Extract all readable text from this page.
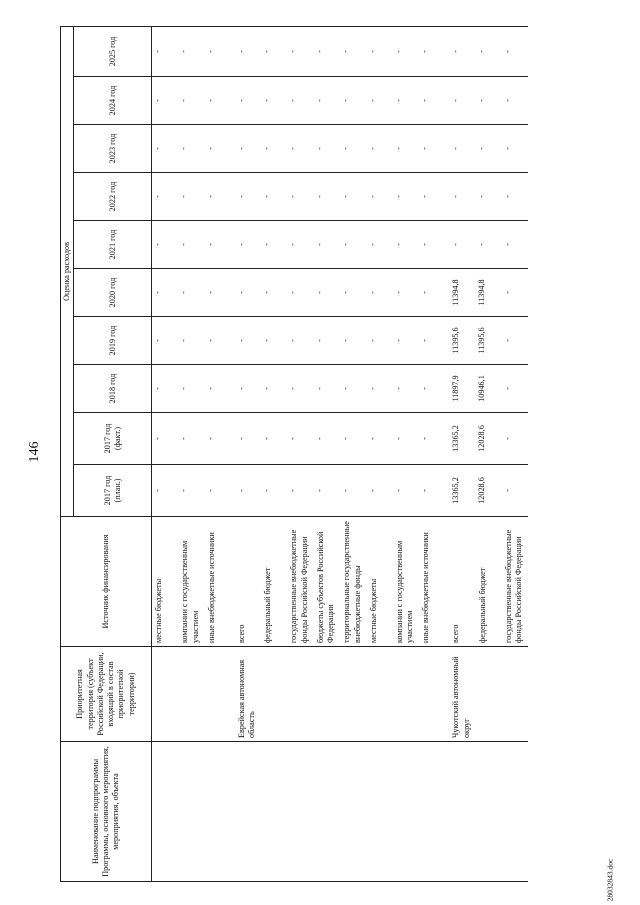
146
28032843.doc
Наименование подпрограммы Программы, основного мероприятия, мероприятия, объекта	Приоритетная территория (субъект Российской Федерации, входящий в состав приоритетной территории)	Источник финансирования	Оценка расходов									
			2017 год (план.)	2017 год (факт.)	2018 год	2019 год	2020 год	2021 год	2022 год	2023 год	2024 год	2025 год
		местные бюджеты	-	-	-	-	-	-	-	-	-	-
		компании с государственным участием	-	-	-	-	-	-	-	-	-	-
		иные внебюджетные источники	-	-	-	-	-	-	-	-	-	-
	Еврейская автономная область	всего	-	-	-	-	-	-	-	-	-	-
		федеральный бюджет	-	-	-	-	-	-	-	-	-	-
		государственные внебюджетные фонды Российской Федерации	-	-	-	-	-	-	-	-	-	-
		бюджеты субъектов Российской Федерации	-	-	-	-	-	-	-	-	-	-
		территориальные государственные внебюджетные фонды	-	-	-	-	-	-	-	-	-	-
		местные бюджеты	-	-	-	-	-	-	-	-	-	-
		компании с государственным участием	-	-	-	-	-	-	-	-	-	-
		иные внебюджетные источники	-	-	-	-	-	-	-	-	-	-
	Чукотский автономный округ	всего	13365,2	13365,2	11897,9	11395,6	11394,8	-	-	-	-	-
		федеральный бюджет	12028,6	12028,6	10946,1	11395,6	11394,8	-	-	-	-	-
		государственные внебюджетные фонды Российской Федерации	-	-	-	-	-	-	-	-	-	-
